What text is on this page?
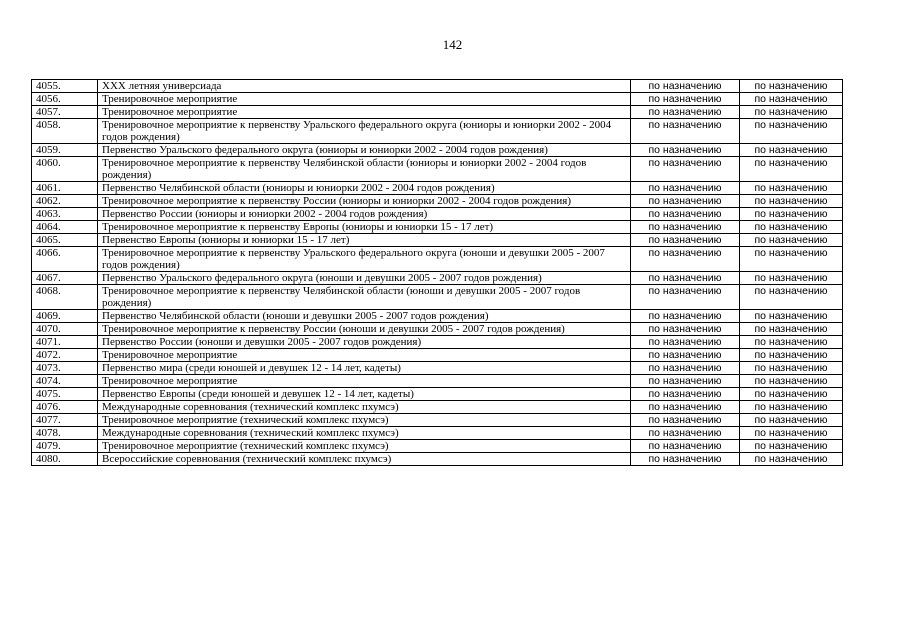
142
4055.	XXX летняя универсиада	по назначению	по назначению
4056.	Тренировочное мероприятие	по назначению	по назначению
4057.	Тренировочное мероприятие	по назначению	по назначению
4058.	Тренировочное мероприятие к первенству Уральского федерального округа (юниоры и юниорки 2002 - 2004 годов рождения)	по назначению	по назначению
4059.	Первенство Уральского федерального округа (юниоры и юниорки 2002 - 2004 годов рождения)	по назначению	по назначению
4060.	Тренировочное мероприятие к первенству Челябинской области (юниоры и юниорки 2002 - 2004 годов рождения)	по назначению	по назначению
4061.	Первенство Челябинской области (юниоры и юниорки 2002 - 2004 годов рождения)	по назначению	по назначению
4062.	Тренировочное мероприятие к первенству России (юниоры и юниорки 2002 - 2004 годов рождения)	по назначению	по назначению
4063.	Первенство России (юниоры и юниорки 2002 - 2004 годов рождения)	по назначению	по назначению
4064.	Тренировочное мероприятие к первенству Европы (юниоры и юниорки 15 - 17 лет)	по назначению	по назначению
4065.	Первенство Европы (юниоры и юниорки 15 - 17 лет)	по назначению	по назначению
4066.	Тренировочное мероприятие к первенству Уральского федерального округа (юноши и девушки 2005 - 2007 годов рождения)	по назначению	по назначению
4067.	Первенство Уральского федерального округа (юноши и девушки 2005 - 2007 годов рождения)	по назначению	по назначению
4068.	Тренировочное мероприятие к первенству Челябинской области (юноши и девушки 2005 - 2007 годов рождения)	по назначению	по назначению
4069.	Первенство Челябинской области (юноши и девушки 2005 - 2007 годов рождения)	по назначению	по назначению
4070.	Тренировочное мероприятие к первенству России (юноши и девушки 2005 - 2007 годов рождения)	по назначению	по назначению
4071.	Первенство России (юноши и девушки 2005 - 2007 годов рождения)	по назначению	по назначению
4072.	Тренировочное мероприятие	по назначению	по назначению
4073.	Первенство мира (среди юношей и девушек 12 - 14 лет, кадеты)	по назначению	по назначению
4074.	Тренировочное мероприятие	по назначению	по назначению
4075.	Первенство Европы (среди юношей и девушек 12 - 14 лет, кадеты)	по назначению	по назначению
4076.	Международные соревнования (технический комплекс пхумсэ)	по назначению	по назначению
4077.	Тренировочное мероприятие (технический комплекс пхумсэ)	по назначению	по назначению
4078.	Международные соревнования (технический комплекс пхумсэ)	по назначению	по назначению
4079.	Тренировочное мероприятие (технический комплекс пхумсэ)	по назначению	по назначению
4080.	Всероссийские соревнования (технический комплекс пхумсэ)	по назначению	по назначению
